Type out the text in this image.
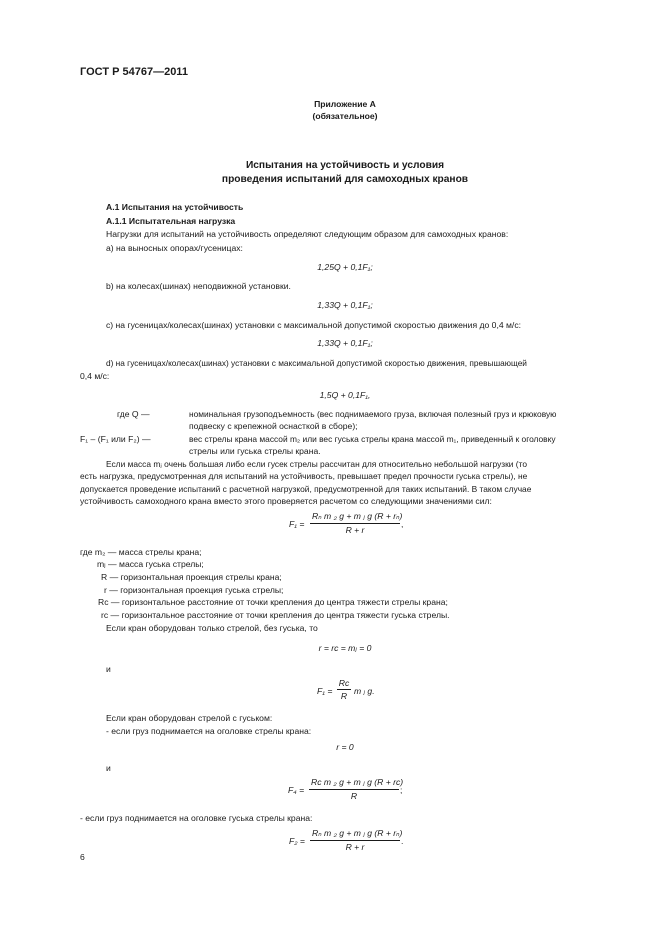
ГОСТ Р 54767—2011
Приложение А
(обязательное)
Испытания на устойчивость и условия
проведения испытаний для самоходных кранов
А.1 Испытания на устойчивость
А.1.1 Испытательная нагрузка
Нагрузки для испытаний на устойчивость определяют следующим образом для самоходных кранов:
а) на выносных опорах/гусеницах:
1,25Q + 0,1F₁;
b) на колесах(шинах) неподвижной установки.
1,33Q + 0,1F₁;
c) на гусеницах/колесах(шинах) установки с максимальной допустимой скоростью движения до 0,4 м/с:
1,33Q + 0,1F₁;
d) на гусеницах/колесах(шинах) установки с максимальной допустимой скоростью движения, превышающей
0,4 м/с:
1,5Q + 0,1F₁,
где Q —	номинальная грузоподъемность (вес поднимаемого груза, включая полезный груз и крюковую
подвеску с крепежной оснасткой в сборе);
F₁ – (F₁ или F₂) —	вес стрелы крана массой m₂ или вес гуська стрелы крана массой m₁, приведенный к оголовку
стрелы или гуська стрелы крана.
Если масса mⱼ очень большая либо если гусек стрелы рассчитан для относительно небольшой нагрузки (то
есть нагрузка, предусмотренная для испытаний на устойчивость, превышает предел прочности гуська стрелы), не
допускается проведение испытаний с расчетной нагрузкой, предусмотренной для таких испытаний. В таком случае
устойчивость самоходного крана вместо этого проверяется расчетом со следующими значениями сил:
$F_1 = \frac{\text{Rₙ m ₂ g + m ⱼ g (R + rₙ)}}{R + r}$ ,
где m₂ — масса стрелы крана;
mⱼ — масса гуська стрелы;
R — горизонтальная проекция стрелы крана;
r — горизонтальная проекция гуська стрелы;
Rc — горизонтальное расстояние от точки крепления до центра тяжести стрелы крана;
rc — горизонтальное расстояние от точки крепления до центра тяжести гуська стрелы.
Если кран оборудован только стрелой, без гуська, то
r = rc = mⱼ = 0
и
$F_1 = \frac{Rc}{R}$ m ⱼ g.
Если кран оборудован стрелой с гуськом:
- если груз поднимается на оголовке стрелы крана:
r = 0
и
$F_4 = \frac{\text{Rc m ₂ g + m ⱼ g (R + rc)}}{R}$ ;
- если груз поднимается на оголовке гуська стрелы крана:
$F_2 = \frac{\text{Rₙ m ₂ g + m ⱼ g (R + rₙ)}}{R + r}$ .
6
